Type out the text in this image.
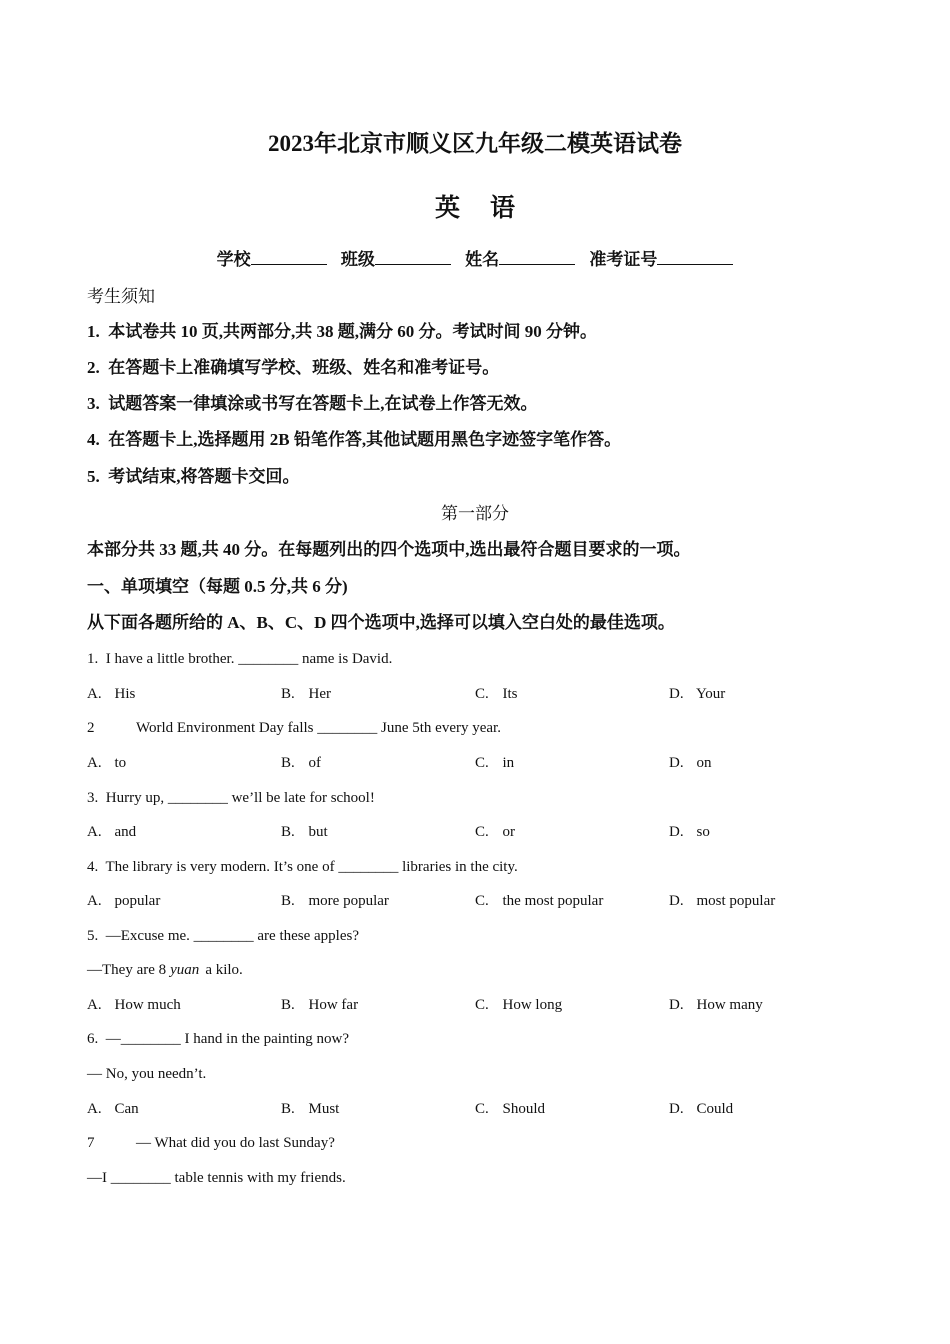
2023年北京市顺义区九年级二模英语试卷
英语
学校	班级	姓名	准考证号
考生须知
1. 本试卷共 10 页,共两部分,共 38 题,满分 60 分。考试时间 90 分钟。
2. 在答题卡上准确填写学校、班级、姓名和准考证号。
3. 试题答案一律填涂或书写在答题卡上,在试卷上作答无效。
4. 在答题卡上,选择题用 2B 铅笔作答,其他试题用黑色字迹签字笔作答。
5. 考试结束,将答题卡交回。
第一部分
本部分共 33 题,共 40 分。在每题列出的四个选项中,选出最符合题目要求的一项。
一、单项填空（每题 0.5 分,共 6 分)
从下面各题所给的 A、B、C、D 四个选项中,选择可以填入空白处的最佳选项。
1. I have a little brother. ________ name is David.
A. His	B. Her	C. Its	D. Your
2	World Environment Day falls ________ June 5th every year.
A. to	B. of	C. in	D. on
3. Hurry up, ________ we’ll be late for school!
A. and	B. but	C. or	D. so
4. The library is very modern. It’s one of ________ libraries in the city.
A. popular	B. more popular	C. the most popular	D. most popular
5. —Excuse me. ________ are these apples?
—They are 8 yuan a kilo.
A. How much	B. How far	C. How long	D. How many
6. —________ I hand in the painting now?
— No, you needn’t.
A. Can	B. Must	C. Should	D. Could
7	— What did you do last Sunday?
—I ________ table tennis with my friends.
